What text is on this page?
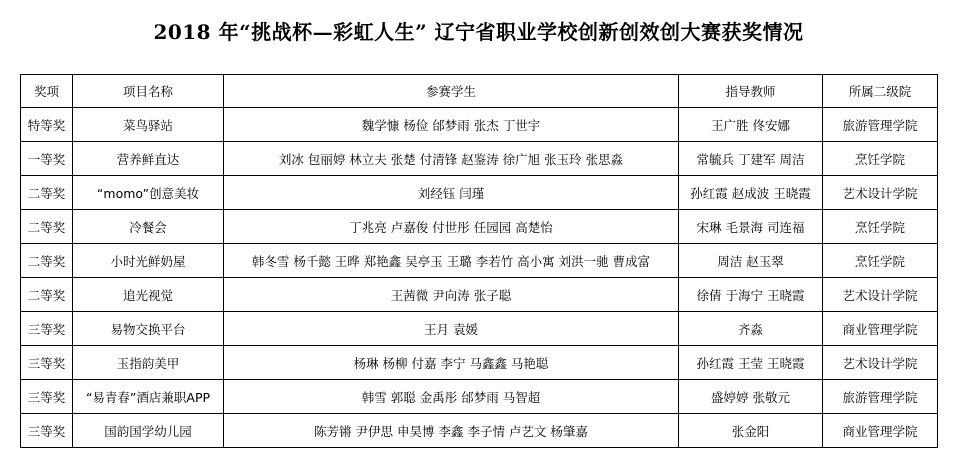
2018 年“挑战杯—彩虹人生” 辽宁省职业学校创新创效创大赛获奖情况
奖项	项目名称	参赛学生	指导教师	所属二级院
特等奖	菜鸟驿站	魏学慷 杨俭 邰梦雨 张杰 丁世宇	王广胜 佟安娜	旅游管理学院
一等奖	营养鲜直达	刘冰 包丽婷 林立夫 张楚 付清锋 赵鉴涛 徐广旭 张玉玲 张思淼	常毓兵 丁建军 周洁	烹饪学院
二等奖	“momo”创意美妆	刘经钰 闫瑾	孙红霞 赵成波 王晓霞	艺术设计学院
二等奖	冷餐会	丁兆亮 卢嘉俊 付世彤 任园园 高楚怡	宋琳 毛景海 司连福	烹饪学院
二等奖	小时光鲜奶屋	韩冬雪 杨千懿 王晔 郑艳鑫 吴亭玉 王璐 李若竹 高小寓 刘洪一驰 曹成富	周洁 赵玉翠	烹饪学院
二等奖	追光视觉	王茜微 尹向涛 张子聪	徐倩 于海宁 王晓霞	艺术设计学院
三等奖	易物交换平台	王月 袁媛	齐淼	商业管理学院
三等奖	玉指韵美甲	杨琳 杨柳 付嘉 李宁 马鑫鑫 马艳聪	孙红霞 王莹 王晓霞	艺术设计学院
三等奖	“易青春”酒店兼职APP	韩雪 郭聪 金禹彤 邰梦雨 马智超	盛婷婷 张敬元	旅游管理学院
三等奖	国韵国学幼儿园	陈芳锵 尹伊思 申昊博 李鑫 李子情 卢艺文 杨肇嘉	张金阳	商业管理学院
